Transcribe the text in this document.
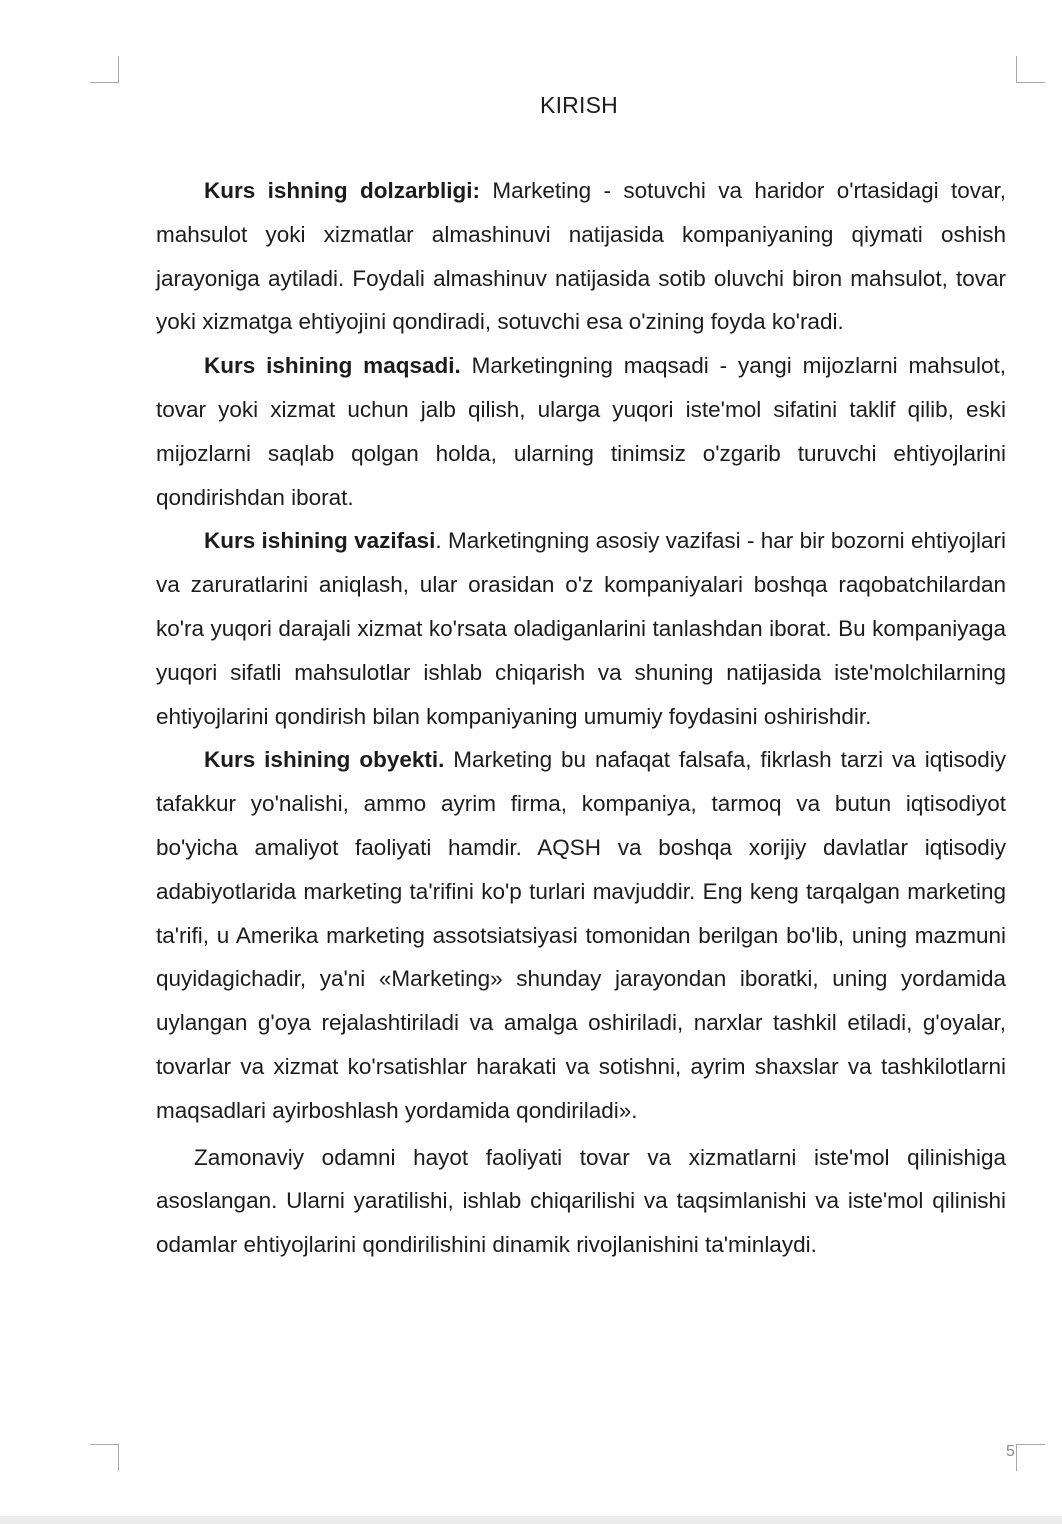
KIRISH

Kurs ishning dolzarbligi: Marketing - sotuvchi va haridor o'rtasidagi tovar, mahsulot yoki xizmatlar almashinuvi natijasida kompaniyaning qiymati oshish jarayoniga aytiladi. Foydali almashinuv natijasida sotib oluvchi biron mahsulot, tovar yoki xizmatga ehtiyojini qondiradi, sotuvchi esa o'zining foyda ko'radi.

Kurs ishining maqsadi. Marketingning maqsadi - yangi mijozlarni mahsulot, tovar yoki xizmat uchun jalb qilish, ularga yuqori iste'mol sifatini taklif qilib, eski mijozlarni saqlab qolgan holda, ularning tinimsiz o'zgarib turuvchi ehtiyojlarini qondirishdan iborat.

Kurs ishining vazifasi. Marketingning asosiy vazifasi - har bir bozorni ehtiyojlari va zaruratlarini aniqlash, ular orasidan o'z kompaniyalari boshqa raqobatchilardan ko'ra yuqori darajali xizmat ko'rsata oladiganlarini tanlashdan iborat. Bu kompaniyaga yuqori sifatli mahsulotlar ishlab chiqarish va shuning natijasida iste'molchilarning ehtiyojlarini qondirish bilan kompaniyaning umumiy foydasini oshirishdir.

Kurs ishining obyekti. Marketing bu nafaqat falsafa, fikrlash tarzi va iqtisodiy tafakkur yo'nalishi, ammo ayrim firma, kompaniya, tarmoq va butun iqtisodiyot bo'yicha amaliyot faoliyati hamdir. AQSH va boshqa xorijiy davlatlar iqtisodiy adabiyotlarida marketing ta'rifini ko'p turlari mavjuddir. Eng keng tarqalgan marketing ta'rifi, u Amerika marketing assotsiatsiyasi tomonidan berilgan bo'lib, uning mazmuni quyidagichadir, ya'ni «Marketing» shunday jarayondan iboratki, uning yordamida uylangan g'oya rejalashtiriladi va amalga oshiriladi, narxlar tashkil etiladi, g'oyalar, tovarlar va xizmat ko'rsatishlar harakati va sotishni, ayrim shaxslar va tashkilotlarni maqsadlari ayirboshlash yordamida qondiriladi».

Zamonaviy odamni hayot faoliyati tovar va xizmatlarni iste'mol qilinishiga asoslangan. Ularni yaratilishi, ishlab chiqarilishi va taqsimlanishi va iste'mol qilinishi odamlar ehtiyojlarini qondirilishini dinamik rivojlanishini ta'minlaydi.

5
